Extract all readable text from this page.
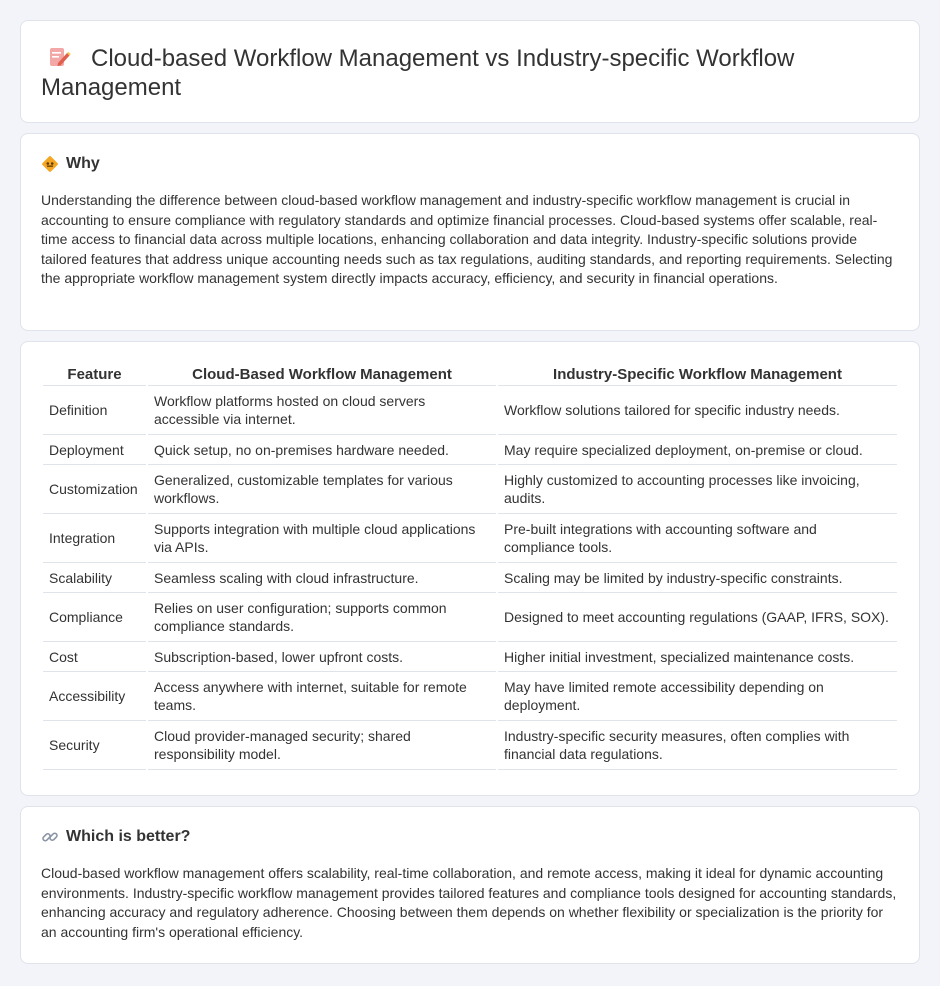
Cloud-based Workflow Management vs Industry-specific Workflow Management
Why

Understanding the difference between cloud-based workflow management and industry-specific workflow management is crucial in accounting to ensure compliance with regulatory standards and optimize financial processes. Cloud-based systems offer scalable, real-time access to financial data across multiple locations, enhancing collaboration and data integrity. Industry-specific solutions provide tailored features that address unique accounting needs such as tax regulations, auditing standards, and reporting requirements. Selecting the appropriate workflow management system directly impacts accuracy, efficiency, and security in financial operations.

Feature	Cloud-Based Workflow Management	Industry-Specific Workflow Management
Definition	Workflow platforms hosted on cloud servers accessible via internet.	Workflow solutions tailored for specific industry needs.
Deployment	Quick setup, no on-premises hardware needed.	May require specialized deployment, on-premise or cloud.
Customization	Generalized, customizable templates for various workflows.	Highly customized to accounting processes like invoicing, audits.
Integration	Supports integration with multiple cloud applications via APIs.	Pre-built integrations with accounting software and compliance tools.
Scalability	Seamless scaling with cloud infrastructure.	Scaling may be limited by industry-specific constraints.
Compliance	Relies on user configuration; supports common compliance standards.	Designed to meet accounting regulations (GAAP, IFRS, SOX).
Cost	Subscription-based, lower upfront costs.	Higher initial investment, specialized maintenance costs.
Accessibility	Access anywhere with internet, suitable for remote teams.	May have limited remote accessibility depending on deployment.
Security	Cloud provider-managed security; shared responsibility model.	Industry-specific security measures, often complies with financial data regulations.
Which is better?

Cloud-based workflow management offers scalability, real-time collaboration, and remote access, making it ideal for dynamic accounting environments. Industry-specific workflow management provides tailored features and compliance tools designed for accounting standards, enhancing accuracy and regulatory adherence. Choosing between them depends on whether flexibility or specialization is the priority for an accounting firm's operational efficiency.
